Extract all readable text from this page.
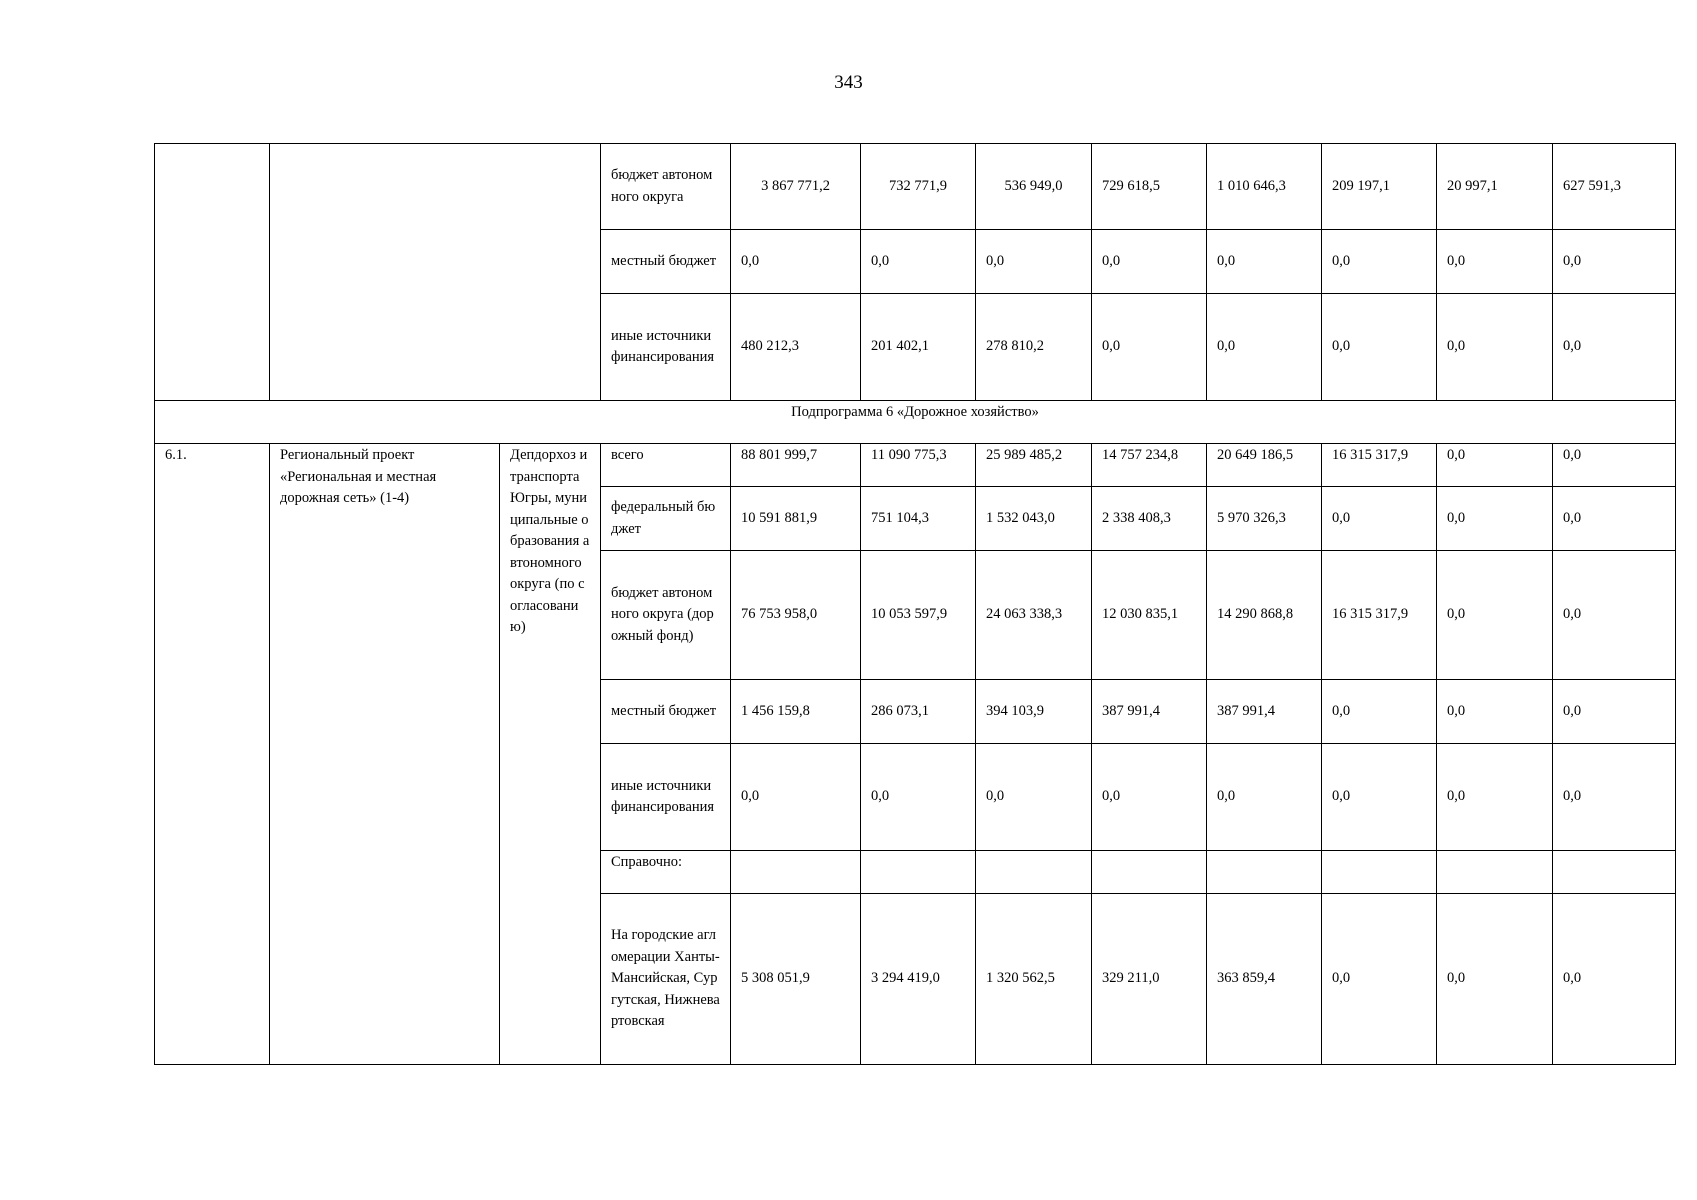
343
			бюджет автономного округа	3 867 771,2	732 771,9	536 949,0	729 618,5	1 010 646,3	209 197,1	20 997,1	627 591,3
			местный бюджет	0,0	0,0	0,0	0,0	0,0	0,0	0,0	0,0
			иные источники финансирования	480 212,3	201 402,1	278 810,2	0,0	0,0	0,0	0,0	0,0
Подпрограмма 6 «Дорожное хозяйство»											
6.1.	Региональный проект «Региональная и местная дорожная сеть» (1-4)	Депдорхоз и транспорта Югры, муниципальные образования автономного округа (по согласованию)	всего	88 801 999,7	11 090 775,3	25 989 485,2	14 757 234,8	20 649 186,5	16 315 317,9	0,0	0,0
			федеральный бюджет	10 591 881,9	751 104,3	1 532 043,0	2 338 408,3	5 970 326,3	0,0	0,0	0,0
			бюджет автономного округа (дорожный фонд)	76 753 958,0	10 053 597,9	24 063 338,3	12 030 835,1	14 290 868,8	16 315 317,9	0,0	0,0
			местный бюджет	1 456 159,8	286 073,1	394 103,9	387 991,4	387 991,4	0,0	0,0	0,0
			иные источники финансирования	0,0	0,0	0,0	0,0	0,0	0,0	0,0	0,0
			Справочно:								
			На городские агломерации Ханты-Мансийская, Сургутская, Нижневартовская	5 308 051,9	3 294 419,0	1 320 562,5	329 211,0	363 859,4	0,0	0,0	0,0
